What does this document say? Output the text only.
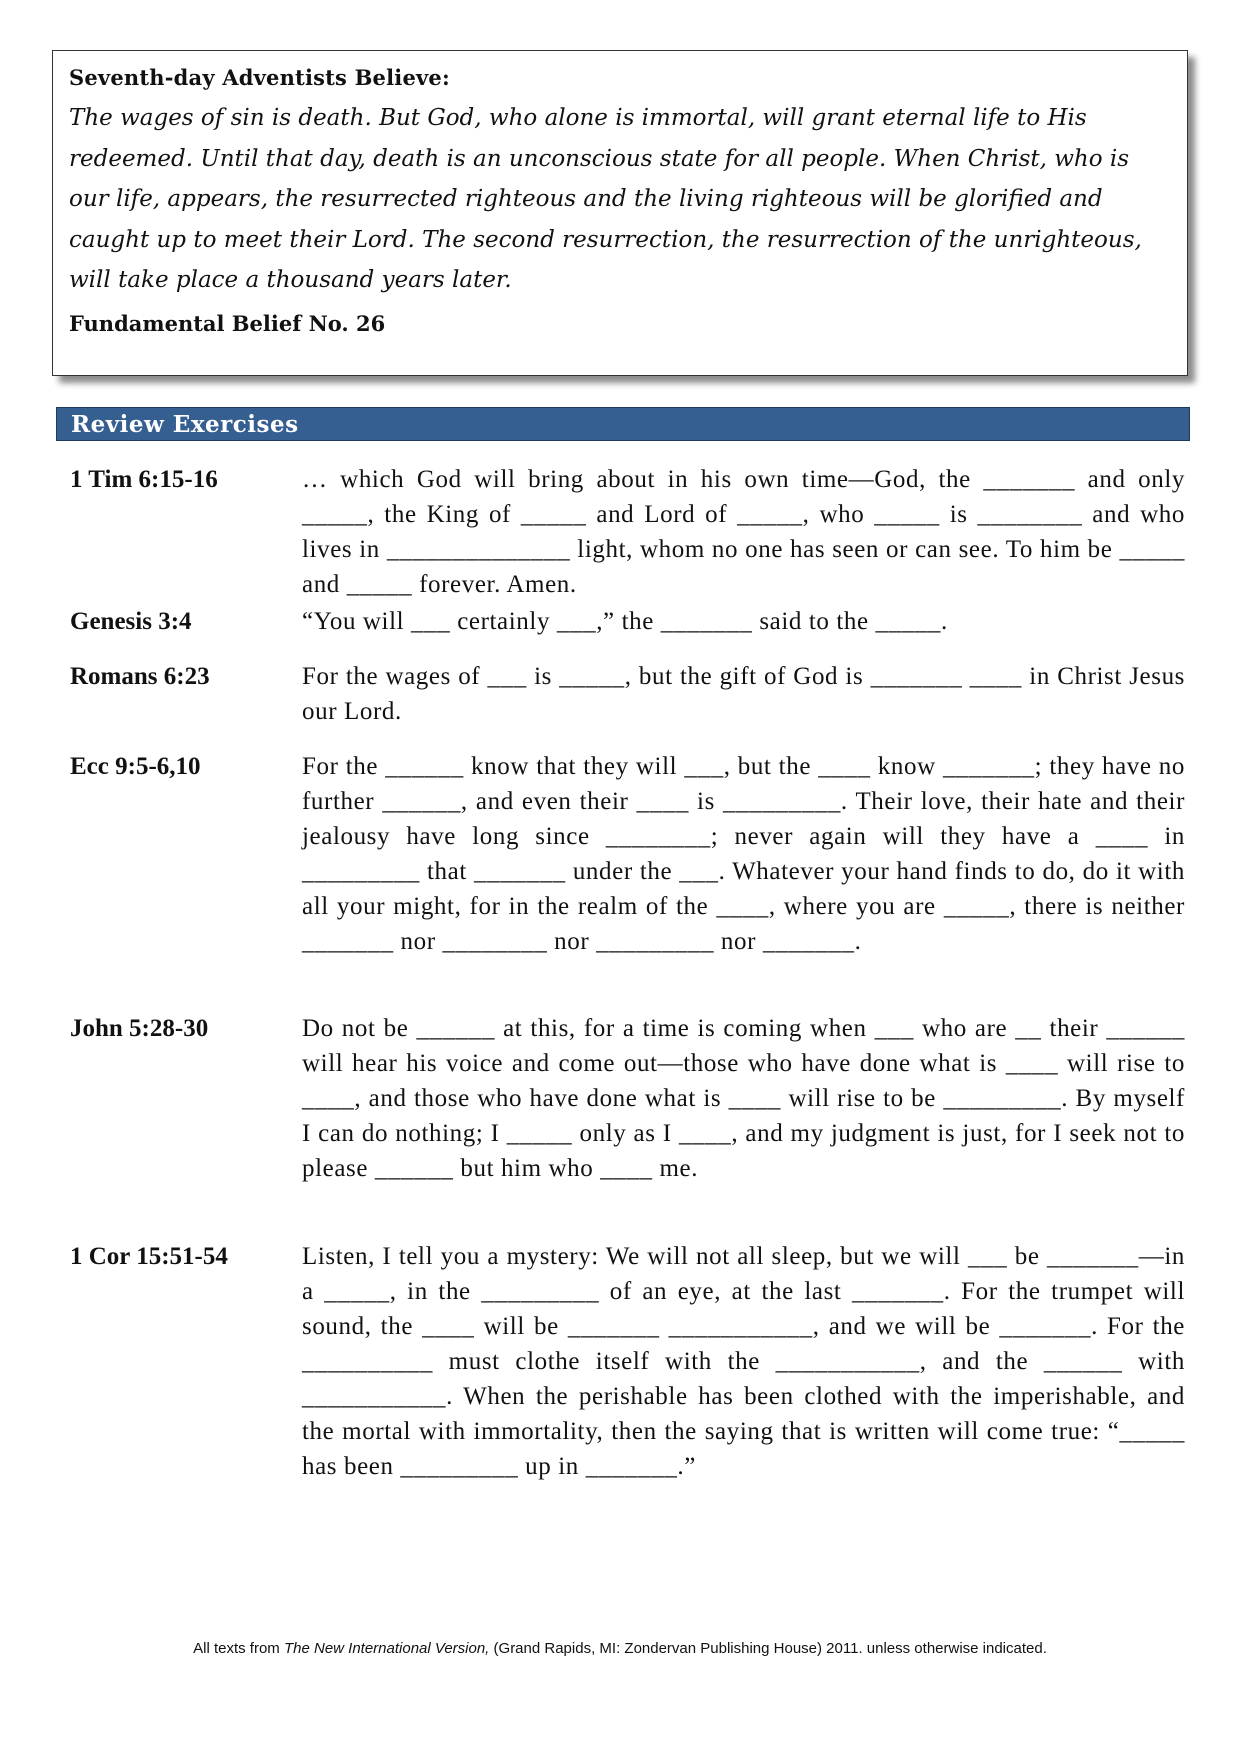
Seventh-day Adventists Believe:

The wages of sin is death. But God, who alone is immortal, will grant eternal life to His redeemed. Until that day, death is an unconscious state for all people. When Christ, who is our life, appears, the resurrected righteous and the living righteous will be glorified and caught up to meet their Lord. The second resurrection, the resurrection of the unrighteous, will take place a thousand years later.

Fundamental Belief No. 26
Review Exercises
1 Tim 6:15-16	… which God will bring about in his own time—God, the _______ and only _____, the King of _____ and Lord of _____, who _____ is ________ and who lives in ______________ light, whom no one has seen or can see. To him be _____ and _____ forever. Amen.
Genesis 3:4	“You will ___ certainly ___,” the _______ said to the _____.
Romans 6:23	For the wages of ___ is _____, but the gift of God is _______ ____ in Christ Jesus our Lord.
Ecc 9:5-6,10	For the ______ know that they will ___, but the ____ know _______; they have no further ______, and even their ____ is _________. Their love, their hate and their jealousy have long since ________; never again will they have a ____ in _________ that _______ under the ___. Whatever your hand finds to do, do it with all your might, for in the realm of the ____, where you are _____, there is neither _______ nor ________ nor _________ nor _______.
John 5:28-30	Do not be ______ at this, for a time is coming when ___ who are __ their ______ will hear his voice and come out—those who have done what is ____ will rise to ____, and those who have done what is ____ will rise to be _________. By myself I can do nothing; I _____ only as I ____, and my judgment is just, for I seek not to please ______ but him who ____ me.
1 Cor 15:51-54	Listen, I tell you a mystery: We will not all sleep, but we will ___ be _______—in a _____, in the _________ of an eye, at the last _______. For the trumpet will sound, the ____ will be _______ ___________, and we will be _______. For the __________ must clothe itself with the ___________, and the ______ with ___________. When the perishable has been clothed with the imperishable, and the mortal with immortality, then the saying that is written will come true: “_____ has been _________ up in _______.”
All texts from The New International Version, (Grand Rapids, MI: Zondervan Publishing House) 2011. unless otherwise indicated.
